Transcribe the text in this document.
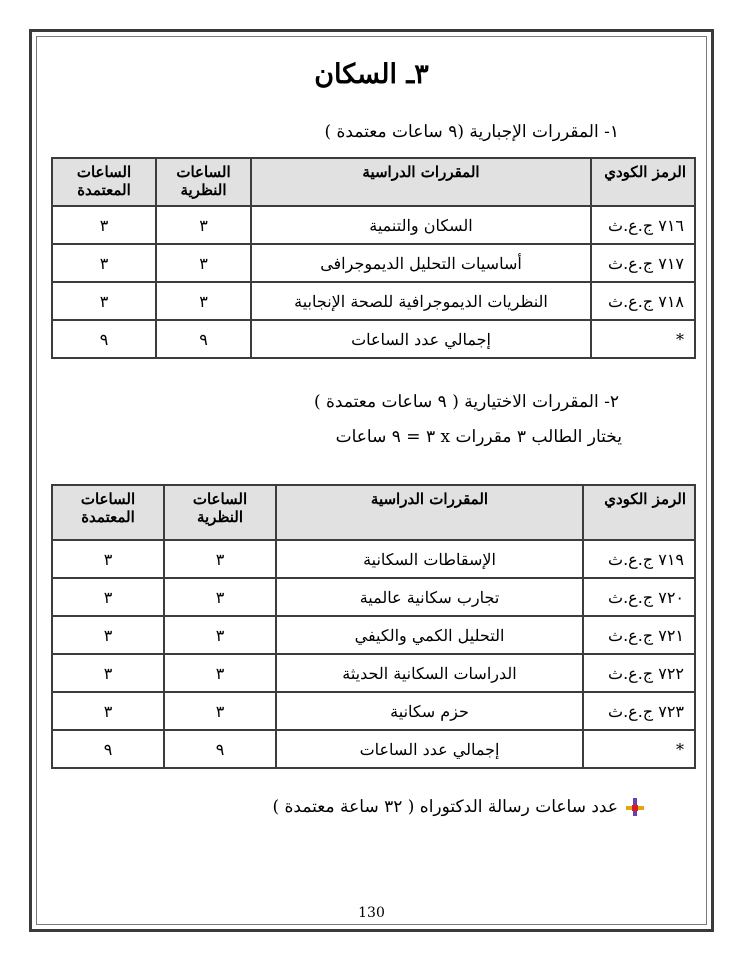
٣ـ السكان
١- المقررات الإجبارية (٩ ساعات معتمدة )
الرمز الكودي	المقررات الدراسية	الساعات النظرية	الساعات المعتمدة
٧١٦ ج.ع.ث	السكان والتنمية	٣	٣
٧١٧ ج.ع.ث	أساسيات التحليل الديموجرافى	٣	٣
٧١٨ ج.ع.ث	النظريات الديموجرافية للصحة الإنجابية	٣	٣
*	إجمالي عدد الساعات	٩	٩
٢- المقررات الاختيارية ( ٩ ساعات معتمدة )
يختار الطالب ٣ مقررات x ٣ = ٩ ساعات
الرمز الكودي	المقررات الدراسية	الساعات النظرية	الساعات المعتمدة
٧١٩ ج.ع.ث	الإسقاطات السكانية	٣	٣
٧٢٠ ج.ع.ث	تجارب سكانية عالمية	٣	٣
٧٢١ ج.ع.ث	التحليل الكمي والكيفي	٣	٣
٧٢٢ ج.ع.ث	الدراسات السكانية الحديثة	٣	٣
٧٢٣ ج.ع.ث	حزم سكانية	٣	٣
*	إجمالي عدد الساعات	٩	٩
عدد ساعات رسالة الدكتوراه ( ٣٢ ساعة معتمدة )
130
